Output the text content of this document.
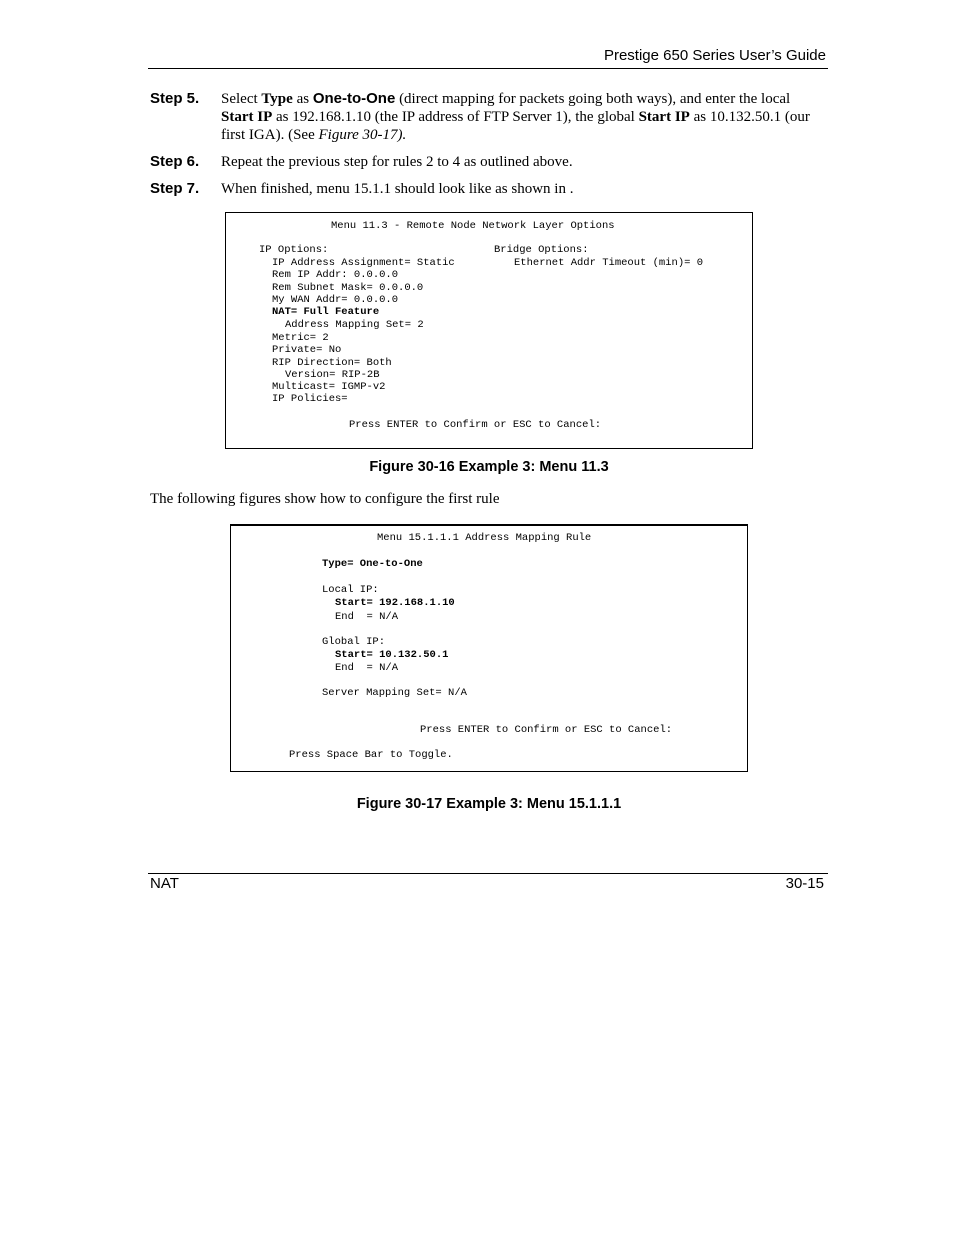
Prestige 650 Series User’s Guide
Step 5. Select Type as One-to-One (direct mapping for packets going both ways), and enter the local Start IP as 192.168.1.10 (the IP address of FTP Server 1), the global Start IP as 10.132.50.1 (our first IGA). (See Figure 30-17).
Step 6. Repeat the previous step for rules 2 to 4 as outlined above.
Step 7. When finished, menu 15.1.1 should look like as shown in .
Menu 11.3 - Remote Node Network Layer Options
IP Options:	Bridge Options:
IP Address Assignment= Static	Ethernet Addr Timeout (min)= 0
Rem IP Addr: 0.0.0.0
Rem Subnet Mask= 0.0.0.0
My WAN Addr= 0.0.0.0
NAT= Full Feature
Address Mapping Set= 2
Metric= 2
Private= No
RIP Direction= Both
Version= RIP-2B
Multicast= IGMP-v2
IP Policies=
Press ENTER to Confirm or ESC to Cancel:
Figure 30-16 Example 3: Menu 11.3
The following figures show how to configure the first rule
Menu 15.1.1.1 Address Mapping Rule
Type= One-to-One
Local IP:
Start= 192.168.1.10
End  = N/A
Global IP:
Start= 10.132.50.1
End  = N/A
Server Mapping Set= N/A
Press ENTER to Confirm or ESC to Cancel:
Press Space Bar to Toggle.
Figure 30-17 Example 3: Menu 15.1.1.1
NAT	30-15
